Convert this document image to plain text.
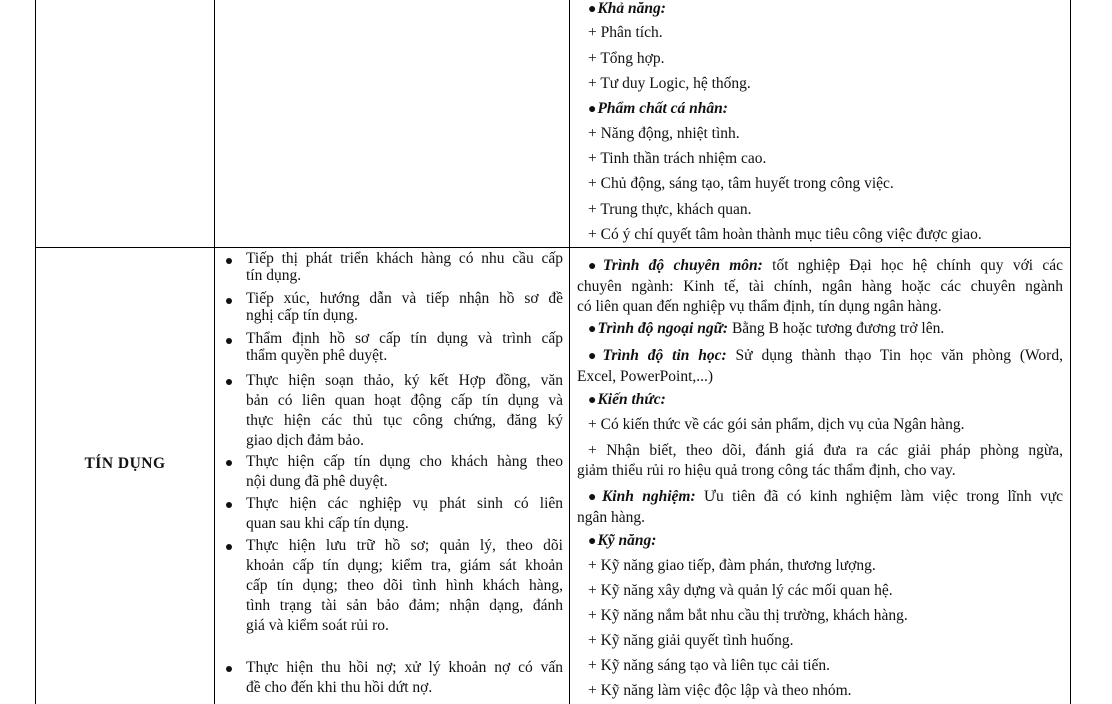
●Khả năng:
+ Phân tích.
+ Tổng hợp.
+ Tư duy Logic, hệ thống.
●Phẩm chất cá nhân:
+ Năng động, nhiệt tình.
+ Tinh thần trách nhiệm cao.
+ Chủ động, sáng tạo, tâm huyết trong công việc.
+ Trung thực, khách quan.
+ Có ý chí quyết tâm hoàn thành mục tiêu công việc được giao.
TÍN DỤNG
Tiếp thị phát triển khách hàng có nhu cầu cấp
tín dụng.
Tiếp xúc, hướng dẫn và tiếp nhận hồ sơ đề
nghị cấp tín dụng.
Thẩm định hồ sơ cấp tín dụng và trình cấp
thẩm quyền phê duyệt.
Thực hiện soạn thảo, ký kết Hợp đồng, văn
bản có liên quan hoạt động cấp tín dụng và
thực hiện các thủ tục công chứng, đăng ký
giao dịch đảm bảo.
Thực hiện cấp tín dụng cho khách hàng theo
nội dung đã phê duyệt.
Thực hiện các nghiệp vụ phát sinh có liên
quan sau khi cấp tín dụng.
Thực hiện lưu trữ hồ sơ; quản lý, theo dõi
khoản cấp tín dụng; kiểm tra, giám sát khoản
cấp tín dụng; theo dõi tình hình khách hàng,
tình trạng tài sản bảo đảm; nhận dạng, đánh
giá và kiểm soát rủi ro.
Thực hiện thu hồi nợ; xử lý khoản nợ có vấn
đề cho đến khi thu hồi dứt nợ.
●Trình độ chuyên môn: tốt nghiệp Đại học hệ chính quy với các
chuyên ngành: Kinh tế, tài chính, ngân hàng hoặc các chuyên ngành
có liên quan đến nghiệp vụ thẩm định, tín dụng ngân hàng.
●Trình độ ngoại ngữ: Bằng B hoặc tương đương trở lên.
●Trình độ tin học: Sử dụng thành thạo Tin học văn phòng (Word,
Excel, PowerPoint,...)
●Kiến thức:
+ Có kiến thức về các gói sản phẩm, dịch vụ của Ngân hàng.
+ Nhận biết, theo dõi, đánh giá đưa ra các giải pháp phòng ngừa,
giảm thiểu rủi ro hiệu quả trong công tác thẩm định, cho vay.
●Kinh nghiệm: Ưu tiên đã có kinh nghiệm làm việc trong lĩnh vực
ngân hàng.
●Kỹ năng:
+ Kỹ năng giao tiếp, đàm phán, thương lượng.
+ Kỹ năng xây dựng và quản lý các mối quan hệ.
+ Kỹ năng nắm bắt nhu cầu thị trường, khách hàng.
+ Kỹ năng giải quyết tình huống.
+ Kỹ năng sáng tạo và liên tục cải tiến.
+ Kỹ năng làm việc độc lập và theo nhóm.
